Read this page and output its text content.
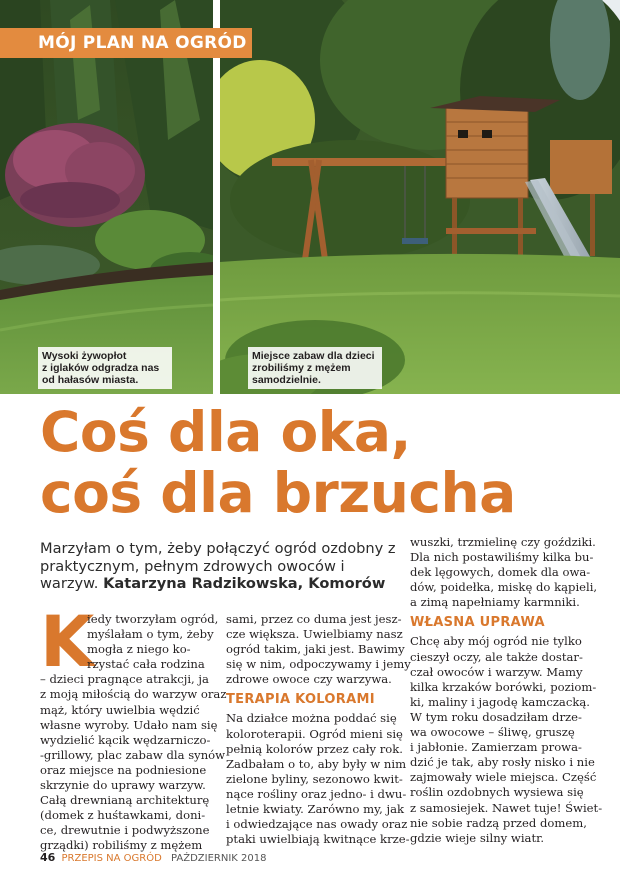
MÓJ PLAN NA OGRÓD
Wysoki żywopłot
z iglaków odgradza nas
od hałasów miasta.
Miejsce zabaw dla dzieci
zrobiliśmy z mężem
samodzielnie.
Coś dla oka,
coś dla brzucha

Marzyłam o tym, żeby połączyć ogród ozdobny z praktycznym, pełnym zdrowych owoców i warzyw. Katarzyna Radzikowska, Komorów

K
iedy tworzyłam ogród,
myślałam o tym, żeby
mogła z niego ko-
rzystać cała rodzina
– dzieci pragnące atrakcji, ja
z moją miłością do warzyw oraz
mąż, który uwielbia wędzić
własne wyroby. Udało nam się
wydzielić kącik wędzarniczo-
-grillowy, plac zabaw dla synów
oraz miejsce na podniesione
skrzynie do uprawy warzyw.
Całą drewnianą architekturę
(domek z huśtawkami, doni-
ce, drewutnie i podwyższone
grządki) robiliśmy z mężem
sami, przez co duma jest jesz-
cze większa. Uwielbiamy nasz
ogród takim, jaki jest. Bawimy
się w nim, odpoczywamy i jemy
zdrowe owoce czy warzywa.
TERAPIA KOLORAMI
Na działce można poddać się
koloroterapii. Ogród mieni się
pełnią kolorów przez cały rok.
Zadbałam o to, aby były w nim
zielone byliny, sezonowo kwit-
nące rośliny oraz jedno- i dwu-
letnie kwiaty. Zarówno my, jak
i odwiedzające nas owady oraz
ptaki uwielbiają kwitnące krze-
wuszki, trzmielinę czy goździki.
Dla nich postawiliśmy kilka bu-
dek lęgowych, domek dla owa-
dów, poidełka, miskę do kąpieli,
a zimą napełniamy karmniki.
WŁASNA UPRAWA
Chcę aby mój ogród nie tylko
cieszył oczy, ale także dostar-
czał owoców i warzyw. Mamy
kilka krzaków borówki, poziom-
ki, maliny i jagodę kamczacką.
W tym roku dosadziłam drze-
wa owocowe – śliwę, gruszę
i jabłonie. Zamierzam prowa-
dzić je tak, aby rosły nisko i nie
zajmowały wiele miejsca. Część
roślin ozdobnych wysiewa się
z samosiejek. Nawet tuje! Świet-
nie sobie radzą przed domem,
gdzie wieje silny wiatr.
46 PRZEPIS NA OGRÓD PAŹDZIERNIK 2018
